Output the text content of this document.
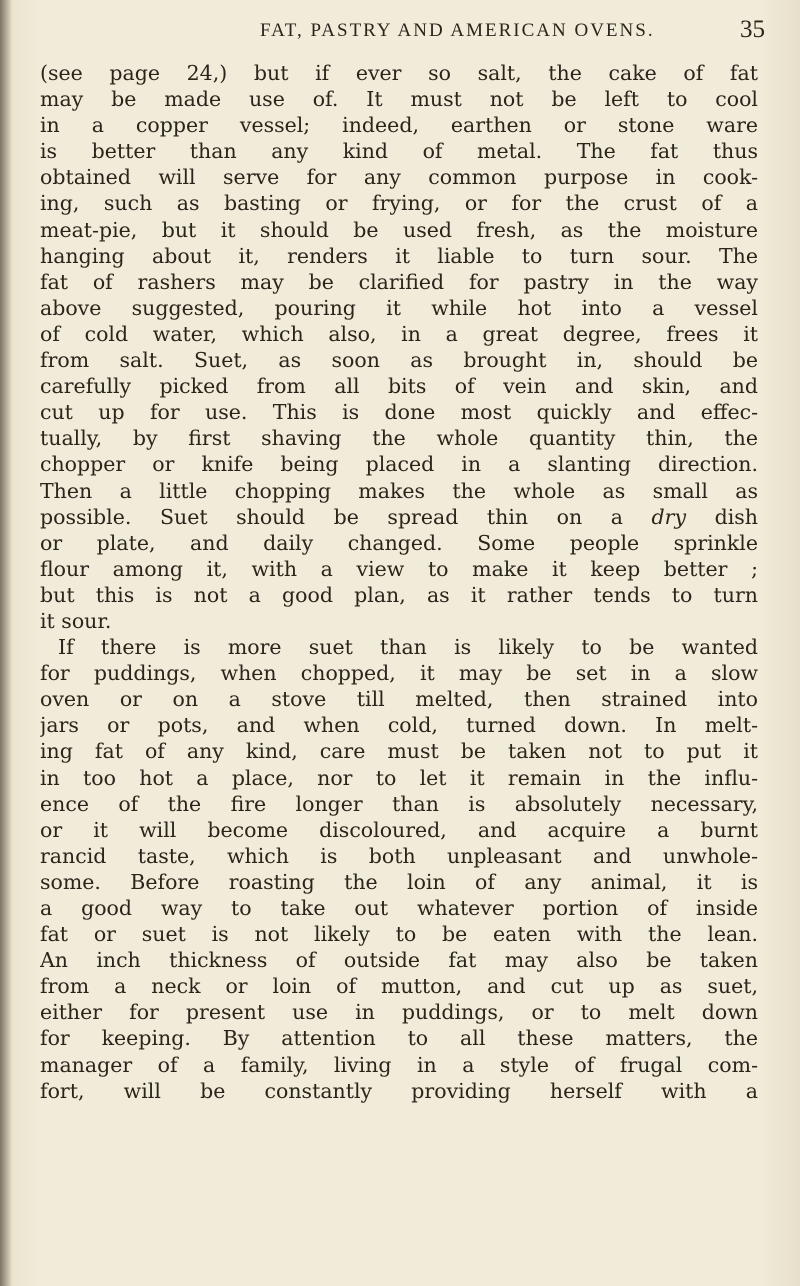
FAT, PASTRY AND AMERICAN OVENS.	35
(see page 24,) but if ever so salt, the cake of fat
may be made use of. It must not be left to cool
in a copper vessel; indeed, earthen or stone ware
is better than any kind of metal. The fat thus
obtained will serve for any common purpose in cook-
ing, such as basting or frying, or for the crust of a
meat-pie, but it should be used fresh, as the moisture
hanging about it, renders it liable to turn sour. The
fat of rashers may be clarified for pastry in the way
above suggested, pouring it while hot into a vessel
of cold water, which also, in a great degree, frees it
from salt. Suet, as soon as brought in, should be
carefully picked from all bits of vein and skin, and
cut up for use. This is done most quickly and effec-
tually, by first shaving the whole quantity thin, the
chopper or knife being placed in a slanting direction.
Then a little chopping makes the whole as small as
possible. Suet should be spread thin on a dry dish
or plate, and daily changed. Some people sprinkle
flour among it, with a view to make it keep better ;
but this is not a good plan, as it rather tends to turn
it sour.
If there is more suet than is likely to be wanted
for puddings, when chopped, it may be set in a slow
oven or on a stove till melted, then strained into
jars or pots, and when cold, turned down. In melt-
ing fat of any kind, care must be taken not to put it
in too hot a place, nor to let it remain in the influ-
ence of the fire longer than is absolutely necessary,
or it will become discoloured, and acquire a burnt
rancid taste, which is both unpleasant and unwhole-
some. Before roasting the loin of any animal, it is
a good way to take out whatever portion of inside
fat or suet is not likely to be eaten with the lean.
An inch thickness of outside fat may also be taken
from a neck or loin of mutton, and cut up as suet,
either for present use in puddings, or to melt down
for keeping. By attention to all these matters, the
manager of a family, living in a style of frugal com-
fort, will be constantly providing herself with a
